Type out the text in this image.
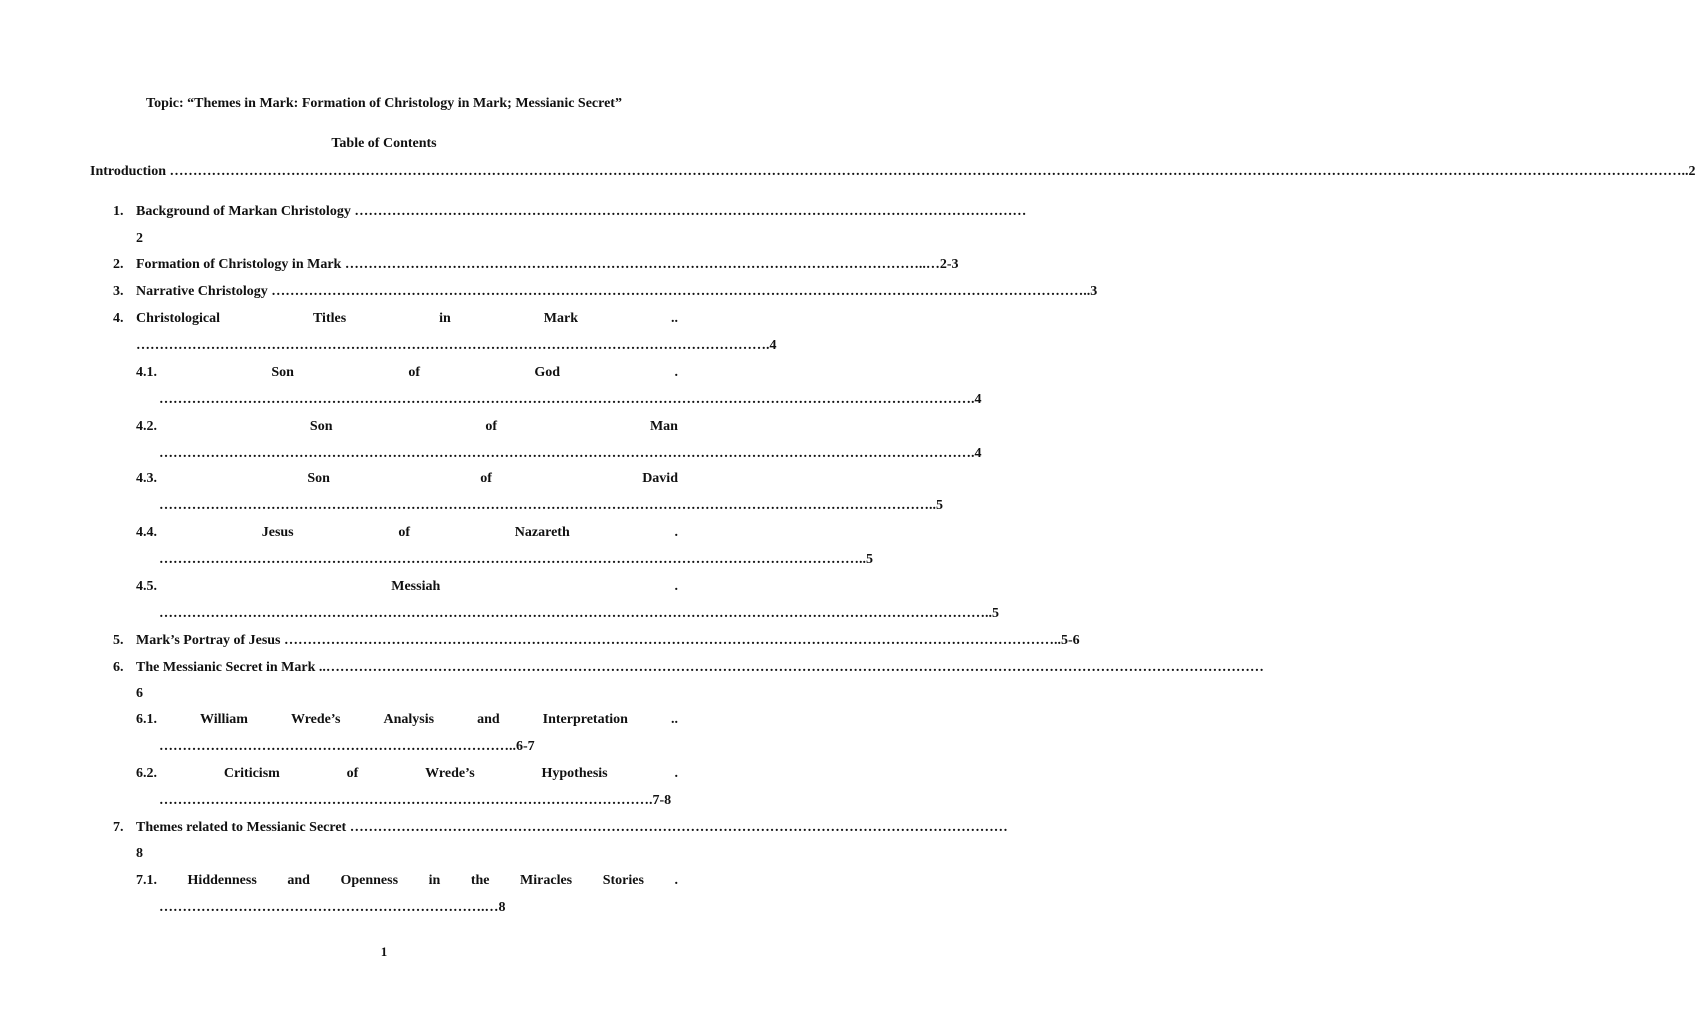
Topic: “Themes in Mark: Formation of Christology in Mark; Messianic Secret”
Table of Contents
Introduction ………………………………………………………………………………………………………………………………………………………………………………………………………………………………………………………………………………………………..2
1. Background of Markan Christology ………………………………………………………………………………………………………………………………
2
2. Formation of Christology in Mark ……………………………………………………………………………………………………………..…2-3
3. Narrative Christology …………………………………………………………………………………………………………………………………………………………..3
4. Christological	Titles	in	Mark	..
……………………………………………………………………………………………………………………….4
4.1.	Son	of	God	.
………………………………………………………………………………………………………………………………………………………….4
4.2.	Son	of	Man
………………………………………………………………………………………………………………………………………………………….4
4.3.	Son	of	David
…………………………………………………………………………………………………………………………………………………..5
4.4.	Jesus	of	Nazareth	.
……………………………………………………………………………………………………………………………………..5
4.5.	Messiah	.
……………………………………………………………………………………………………………………………………………………………..5
5. Mark’s Portray of Jesus …………………………………………………………………………………………………………………………………………………..5-6
6. The Messianic Secret in Mark ..…………………………………………………………………………………………………………………………………………………………………………………
6
6.1.	William	Wrede’s	Analysis	and	Interpretation	..
…………………………………………………………………..6-7
6.2.	Criticism	of	Wrede’s	Hypothesis	.
…………………………………………………………………………………………….7-8
7. Themes related to Messianic Secret ……………………………………………………………………………………………………………………………
8
7.1. Hiddenness and Openness in the Miracles Stories .
…………………………………………………………….…8
1
